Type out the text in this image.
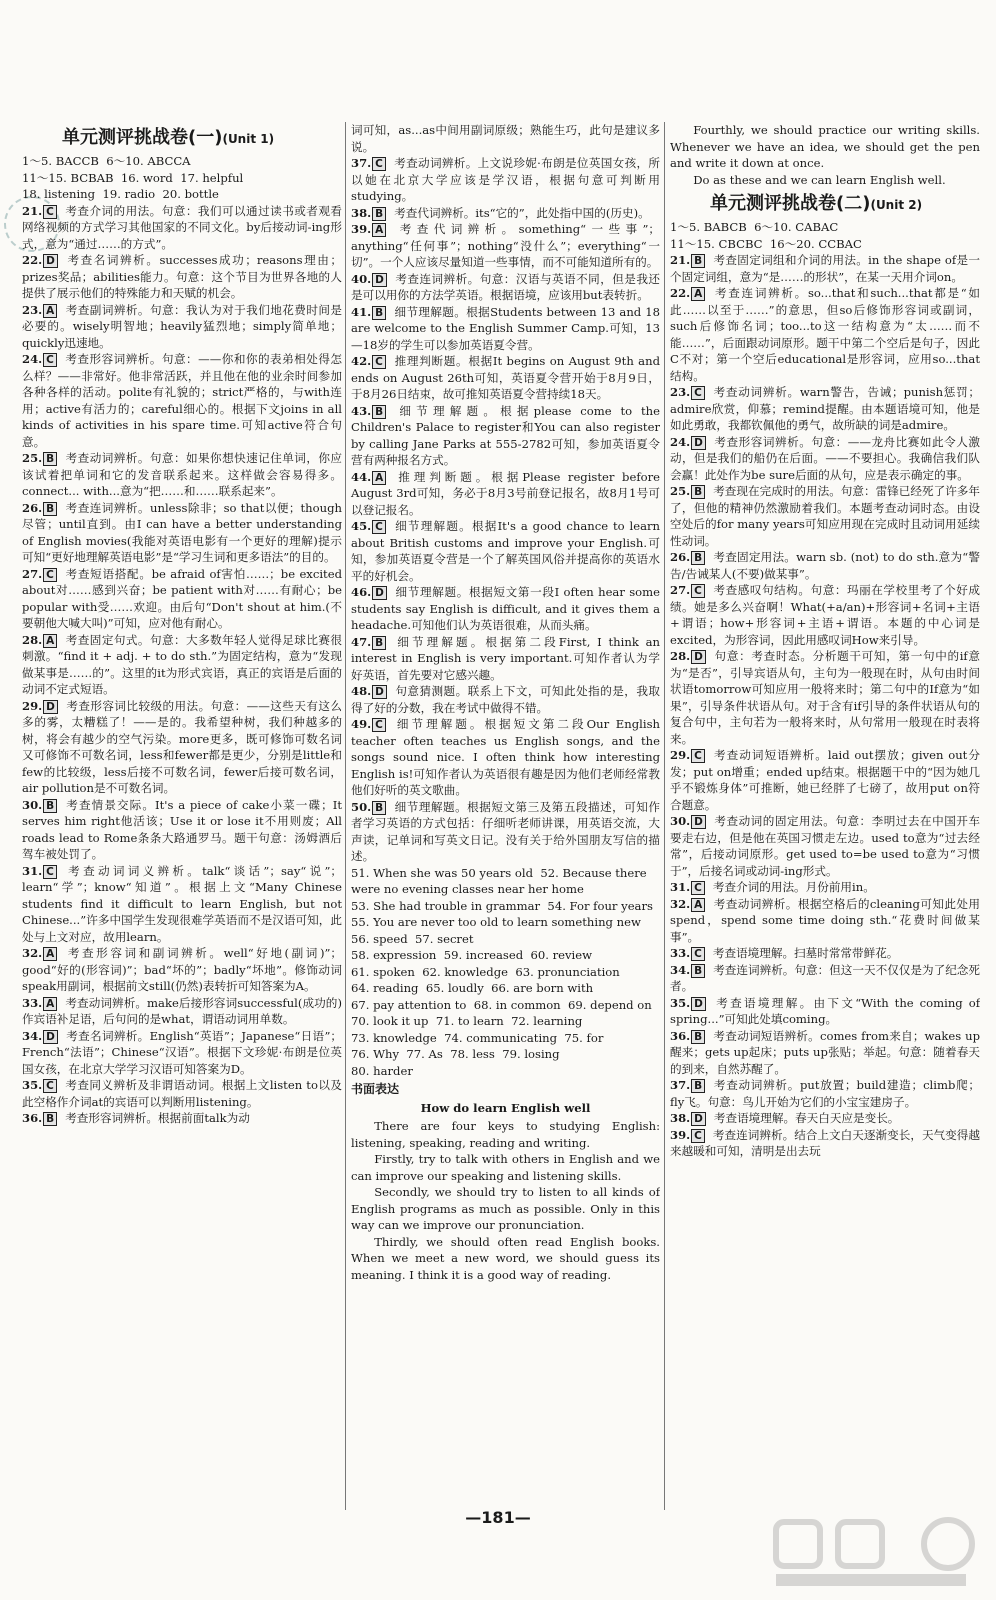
单元测评挑战卷(一)(Unit 1)
1～5. BACCB  6～10. ABCCA
11～15. BCBAB  16. word  17. helpful
18. listening  19. radio  20. bottle
21. C 考查介词的用法。句意：我们可以通过读书或者观看网络视频的方式学习其他国家的不同文化。by后接动词-ing形式，意为“通过……的方式”。
22. D 考查名词辨析。successes成功；reasons理由；prizes奖品；abilities能力。句意：这个节目为世界各地的人提供了展示他们的特殊能力和天赋的机会。
23. A 考查副词辨析。句意：我认为对于我们地花费时间是必要的。wisely明智地；heavily猛烈地；simply简单地；quickly迅速地。
24. C 考查形容词辨析。句意：——你和你的表弟相处得怎么样？——非常好。他非常活跃，并且他在他的业余时间参加各种各样的活动。polite有礼貌的；strict严格的，与with连用；active有活力的；careful细心的。根据下文joins in all kinds of activities in his spare time.可知active符合句意。
25. B 考查动词辨析。句意：如果你想快速记住单词，你应该试着把单词和它的发音联系起来。这样做会容易得多。connect... with...意为“把……和……联系起来”。
26. B 考查连词辨析。unless除非；so that以便；though尽管；until直到。由I can have a better understanding of English movies(我能对英语电影有一个更好的理解)提示可知“更好地理解英语电影”是“学习生词和更多语法”的目的。
27. C 考查短语搭配。be afraid of害怕……；be excited about对……感到兴奋；be patient with对……有耐心；be popular with受……欢迎。由后句“Don't shout at him.(不要朝他大喊大叫)”可知，应对他有耐心。
28. A 考查固定句式。句意：大多数年轻人觉得足球比赛很刺激。“find it + adj. + to do sth.”为固定结构，意为“发现做某事是……的”。这里的it为形式宾语，真正的宾语是后面的动词不定式短语。
29. D 考查形容词比较级的用法。句意：——这些天有这么多的雾，太糟糕了！——是的。我希望种树，我们种越多的树，将会有越少的空气污染。more更多，既可修饰可数名词又可修饰不可数名词，less和fewer都是更少，分别是little和few的比较级，less后接不可数名词，fewer后接可数名词，air pollution是不可数名词。
30. B 考查情景交际。It's a piece of cake小菜一碟；It serves him right他活该；Use it or lose it不用则废；All roads lead to Rome条条大路通罗马。题干句意：汤姆酒后驾车被处罚了。
31. C 考查动词词义辨析。talk“谈话”；say“说”；learn“学”；know“知道”。根据上文“Many Chinese students find it difficult to learn English, but not Chinese...”许多中国学生发现很难学英语而不是汉语可知，此处与上文对应，故用learn。
32. A 考查形容词和副词辨析。well“好地(副词)”；good“好的(形容词)”；bad“坏的”；badly“坏地”。修饰动词speak用副词，根据前文still(仍然)表转折可知答案为A。
33. A 考查动词辨析。make后接形容词successful(成功的)作宾语补足语，后句问的是what，谓语动词用单数。
34. D 考查名词辨析。English“英语”；Japanese“日语”；French“法语”；Chinese“汉语”。根据下文珍妮·布朗是位英国女孩，在北京大学学习汉语可知答案为D。
35. C 考查同义辨析及非谓语动词。根据上文listen to以及此空格作介词at的宾语可以判断用listening。
36. B 考查形容词辨析。根据前面talk为动
词可知，as...as中间用副词原级；熟能生巧，此句是建议多说。
37. C 考查动词辨析。上文说珍妮·布朗是位英国女孩，所以她在北京大学应该是学汉语，根据句意可判断用studying。
38. B 考查代词辨析。its“它的”，此处指中国的(历史)。
39. A 考查代词辨析。something“一些事”；anything“任何事”；nothing“没什么”；everything“一切”。一个人应该尽量知道一些事情，而不可能知道所有的。
40. D 考查连词辨析。句意：汉语与英语不同，但是我还是可以用你的方法学英语。根据语境，应该用but表转折。
41. B 细节理解题。根据Students between 13 and 18 are welcome to the English Summer Camp.可知，13—18岁的学生可以参加英语夏令营。
42. C 推理判断题。根据It begins on August 9th and ends on August 26th可知，英语夏令营开始于8月9日，于8月26日结束，故可推知英语夏令营持续18天。
43. B 细节理解题。根据please come to the Children's Palace to register和You can also register by calling Jane Parks at 555-2782可知，参加英语夏令营有两种报名方式。
44. A 推理判断题。根据Please register before August 3rd可知，务必于8月3号前登记报名，故8月1号可以登记报名。
45. C 细节理解题。根据It's a good chance to learn about British customs and improve your English.可知，参加英语夏令营是一个了解英国风俗并提高你的英语水平的好机会。
46. D 细节理解题。根据短文第一段I often hear some students say English is difficult, and it gives them a headache.可知他们认为英语很难，从而头痛。
47. B 细节理解题。根据第二段First, I think an interest in English is very important.可知作者认为学好英语，首先要对它感兴趣。
48. D 句意猜测题。联系上下文，可知此处指的是，我取得了好的分数，我在考试中做得不错。
49. C 细节理解题。根据短文第二段Our English teacher often teaches us English songs, and the songs sound nice. I often think how interesting English is!可知作者认为英语很有趣是因为他们老师经常教他们好听的英文歌曲。
50. B 细节理解题。根据短文第三及第五段描述，可知作者学习英语的方式包括：仔细听老师讲课，用英语交流，大声读，记单词和写英文日记。没有关于给外国朋友写信的描述。
51. When she was 50 years old  52. Because there were no evening classes near her home
53. She had trouble in grammar  54. For four years  55. You are never too old to learn something new  56. speed  57. secret
58. expression  59. increased  60. review
61. spoken  62. knowledge  63. pronunciation
64. reading  65. loudly  66. are born with
67. pay attention to  68. in common  69. depend on  70. look it up  71. to learn  72. learning
73. knowledge  74. communicating  75. for
76. Why  77. As  78. less  79. losing
80. harder
书面表达
How do learn English well
There are four keys to studying English: listening, speaking, reading and writing.
Firstly, try to talk with others in English and we can improve our speaking and listening skills.
Secondly, we should try to listen to all kinds of English programs as much as possible. Only in this way can we improve our pronunciation.
Thirdly, we should often read English books. When we meet a new word, we should guess its meaning. I think it is a good way of reading.
Fourthly, we should practice our writing skills. Whenever we have an idea, we should get the pen and write it down at once.
Do as these and we can learn English well.
单元测评挑战卷(二)(Unit 2)
1～5. BABCB  6～10. CABAC
11～15. CBCBC  16～20. CCBAC
21. B 考查固定词组和介词的用法。in the shape of是一个固定词组，意为“是……的形状”，在某一天用介词on。
22. A 考查连词辨析。so...that和such...that都是“如此……以至于……”的意思，但so后修饰形容词或副词，such后修饰名词；too...to这一结构意为“太……而不能……”，后面跟动词原形。题干中第二个空后是句子，因此C不对；第一个空后educational是形容词，应用so...that结构。
23. C 考查动词辨析。warn警告，告诫；punish惩罚；admire欣赏，仰慕；remind提醒。由本题语境可知，他是如此勇敢，我都钦佩他的勇气，故所缺的词是admire。
24. D 考查形容词辨析。句意：——龙舟比赛如此令人激动，但是我们的船仍在后面。——不要担心。我确信我们队会赢！此处作为be sure后面的从句，应是表示确定的事。
25. B 考查现在完成时的用法。句意：雷锋已经死了许多年了，但他的精神仍然激励着我们。本题考查动词时态。由设空处后的for many years可知应用现在完成时且动词用延续性动词。
26. B 考查固定用法。warn sb. (not) to do sth.意为“警告/告诫某人(不要)做某事”。
27. C 考查感叹句结构。句意：玛丽在学校里考了个好成绩。她是多么兴奋啊！What(+a/an)+形容词+名词+主语+谓语；how+形容词+主语+谓语。本题的中心词是excited，为形容词，因此用感叹词How来引导。
28. D 句意：考查时态。分析题干可知，第一句中的if意为“是否”，引导宾语从句，主句为一般现在时，从句由时间状语tomorrow可知应用一般将来时；第二句中的If意为“如果”，引导条件状语从句。对于含有if引导的条件状语从句的复合句中，主句若为一般将来时，从句常用一般现在时表将来。
29. C 考查动词短语辨析。laid out摆放；given out分发；put on增重；ended up结束。根据题干中的“因为她几乎不锻炼身体”可推断，她已经胖了七磅了，故用put on符合题意。
30. D 考查动词的固定用法。句意：李明过去在中国开车要走右边，但是他在英国习惯走左边。used to意为“过去经常”，后接动词原形。get used to=be used to意为“习惯于”，后接名词或动词-ing形式。
31. C 考查介词的用法。月份前用in。
32. A 考查动词辨析。根据空格后的cleaning可知此处用spend，spend some time doing sth.“花费时间做某事”。
33. C 考查语境理解。扫墓时常常带鲜花。
34. B 考查连词辨析。句意：但这一天不仅仅是为了纪念死者。
35. D 考查语境理解。由下文“With the coming of spring...”可知此处填coming。
36. B 考查动词短语辨析。comes from来自；wakes up醒来；gets up起床；puts up张贴；举起。句意：随着春天的到来，自然苏醒了。
37. B 考查动词辨析。put放置；build建造；climb爬；fly飞。句意：鸟儿开始为它们的小宝宝建房子。
38. D 考查语境理解。春天白天应是变长。
39. C 考查连词辨析。结合上文白天逐渐变长，天气变得越来越暖和可知，清明是出去玩
—181—
